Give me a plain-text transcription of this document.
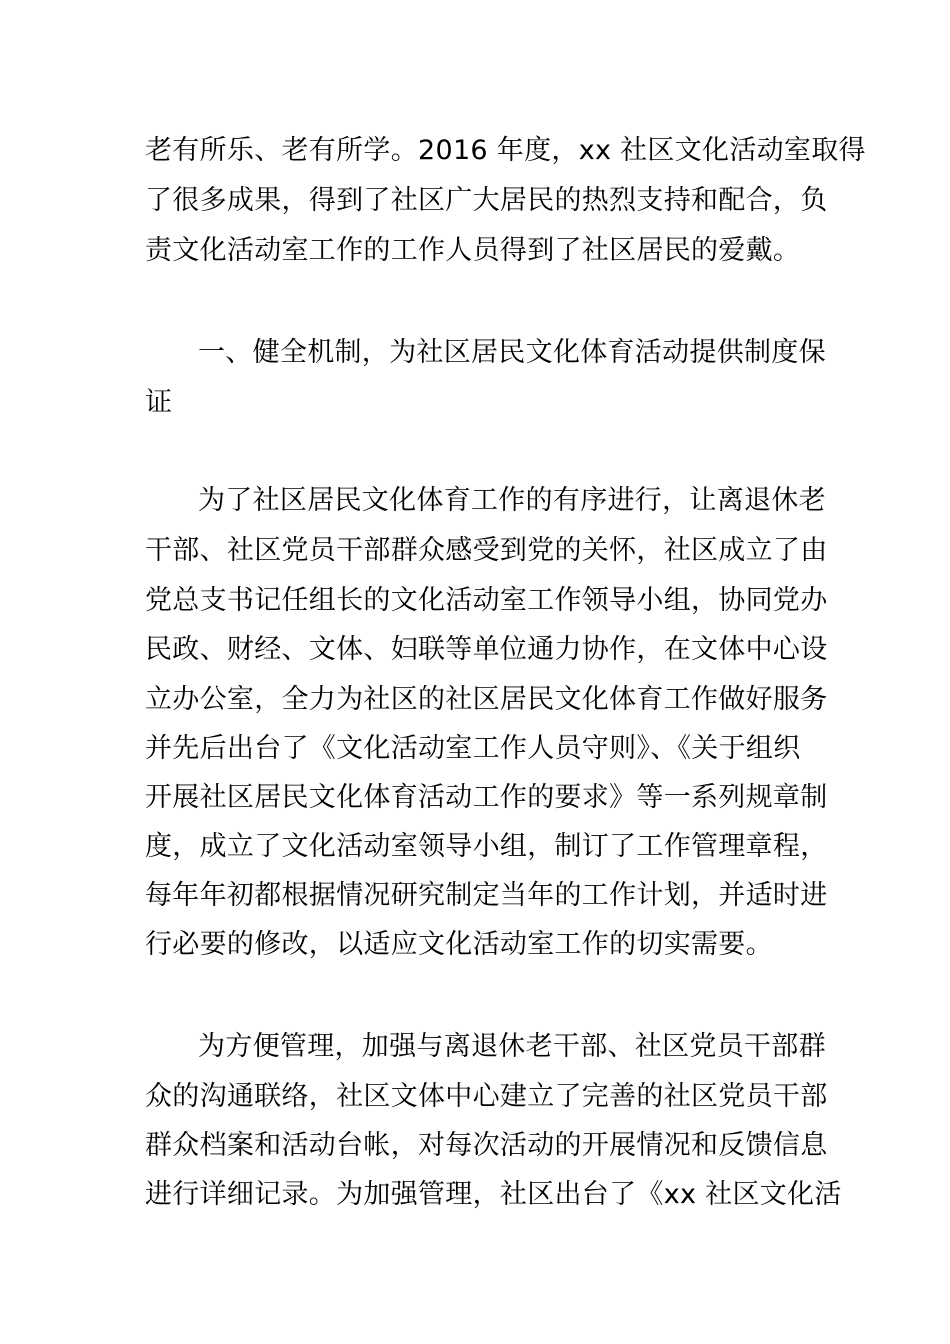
老有所乐、老有所学。2016 年度，xx 社区文化活动室取得
了很多成果，得到了社区广大居民的热烈支持和配合，负
责文化活动室工作的工作人员得到了社区居民的爱戴。
一、健全机制，为社区居民文化体育活动提供制度保
证
为了社区居民文化体育工作的有序进行，让离退休老
干部、社区党员干部群众感受到党的关怀，社区成立了由
党总支书记任组长的文化活动室工作领导小组，协同党办
民政、财经、文体、妇联等单位通力协作，在文体中心设
立办公室，全力为社区的社区居民文化体育工作做好服务
并先后出台了《文化活动室工作人员守则》、《关于组织
开展社区居民文化体育活动工作的要求》等一系列规章制
度，成立了文化活动室领导小组，制订了工作管理章程，
每年年初都根据情况研究制定当年的工作计划，并适时进
行必要的修改，以适应文化活动室工作的切实需要。
为方便管理，加强与离退休老干部、社区党员干部群
众的沟通联络，社区文体中心建立了完善的社区党员干部
群众档案和活动台帐，对每次活动的开展情况和反馈信息
进行详细记录。为加强管理，社区出台了《xx 社区文化活
